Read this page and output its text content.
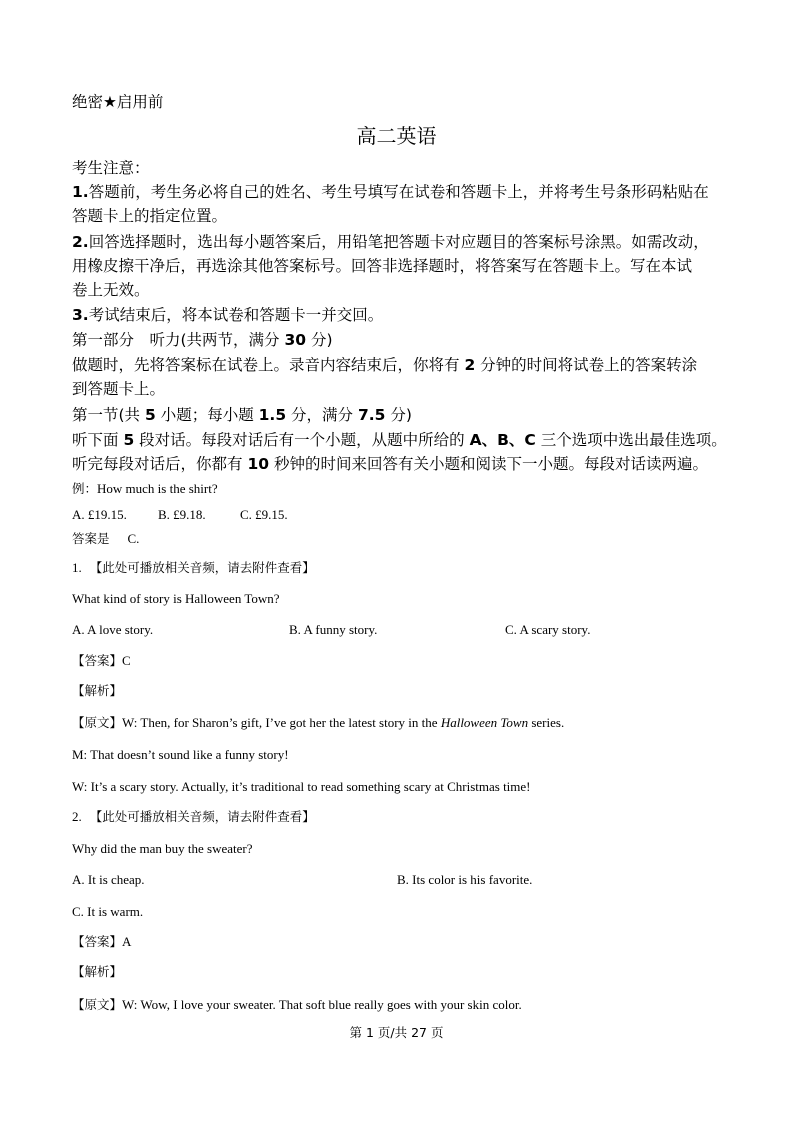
绝密★启用前
高二英语
考生注意：
1.答题前，考生务必将自己的姓名、考生号填写在试卷和答题卡上，并将考生号条形码粘贴在
答题卡上的指定位置。
2.回答选择题时，选出每小题答案后，用铅笔把答题卡对应题目的答案标号涂黑。如需改动，
用橡皮擦干净后，再选涂其他答案标号。回答非选择题时，将答案写在答题卡上。写在本试
卷上无效。
3.考试结束后，将本试卷和答题卡一并交回。
第一部分　听力(共两节，满分 30 分)
做题时，先将答案标在试卷上。录音内容结束后，你将有 2 分钟的时间将试卷上的答案转涂
到答题卡上。
第一节(共 5 小题；每小题 1.5 分，满分 7.5 分)
听下面 5 段对话。每段对话后有一个小题，从题中所给的 A、B、C 三个选项中选出最佳选项。
听完每段对话后，你都有 10 秒钟的时间来回答有关小题和阅读下一小题。每段对话读两遍。
例：How much is the shirt?
A. £19.15. B. £9.18.	C. £9.15.
答案是 C.
1. 【此处可播放相关音频，请去附件查看】
What kind of story is Halloween Town?
A. A love story.	B. A funny story.	C. A scary story.
【答案】C
【解析】
【原文】W: Then, for Sharon’s gift, I’ve got her the latest story in the Halloween Town series.
M: That doesn’t sound like a funny story!
W: It’s a scary story. Actually, it’s traditional to read something scary at Christmas time!
2. 【此处可播放相关音频，请去附件查看】
Why did the man buy the sweater?
A. It is cheap.	B. Its color is his favorite.
C. It is warm.
【答案】A
【解析】
【原文】W: Wow, I love your sweater. That soft blue really goes with your skin color.
第 1 页/共 27 页
